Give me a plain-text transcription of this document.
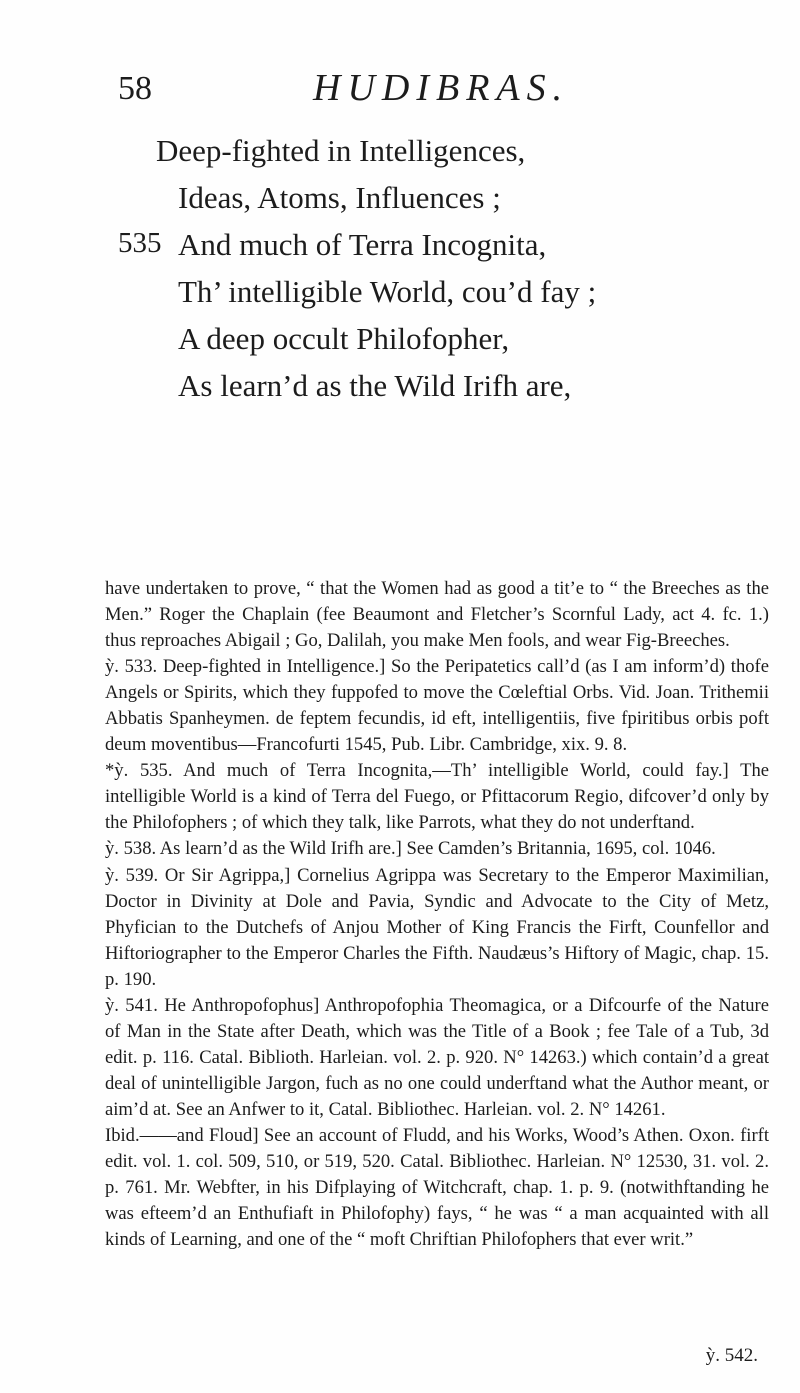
58	HUDIBRAS.
Deep-fighted in Intelligences,
Ideas, Atoms, Influences ;
535 And much of Terra Incognita,
Th’ intelligible World, cou’d fay ;
A deep occult Philofopher,
As learn’d as the Wild Irifh are,

have undertaken to prove, “ that the Women had as good a tit’e to “ the Breeches as the Men.” Roger the Chaplain (fee Beaumont and Fletcher’s Scornful Lady, act 4. fc. 1.) thus reproaches Abigail ; Go, Dalilah, you make Men fools, and wear Fig-Breeches.

ỳ. 533. Deep-fighted in Intelligence.] So the Peripatetics call’d (as I am inform’d) thofe Angels or Spirits, which they fuppofed to move the Cœleftial Orbs. Vid. Joan. Trithemii Abbatis Spanheymen. de feptem fecundis, id eft, intelligentiis, five fpiritibus orbis poft deum moventibus—Francofurti 1545, Pub. Libr. Cambridge, xix. 9. 8.

*ỳ. 535. And much of Terra Incognita,—Th’ intelligible World, could fay.] The intelligible World is a kind of Terra del Fuego, or Pfittacorum Regio, difcover’d only by the Philofophers ; of which they talk, like Parrots, what they do not underftand.

ỳ. 538. As learn’d as the Wild Irifh are.] See Camden’s Britannia, 1695, col. 1046.

ỳ. 539. Or Sir Agrippa,] Cornelius Agrippa was Secretary to the Emperor Maximilian, Doctor in Divinity at Dole and Pavia, Syndic and Advocate to the City of Metz, Phyfician to the Dutchefs of Anjou Mother of King Francis the Firft, Counfellor and Hiftoriographer to the Emperor Charles the Fifth. Naudæus’s Hiftory of Magic, chap. 15. p. 190.

ỳ. 541. He Anthropofophus] Anthropofophia Theomagica, or a Difcourfe of the Nature of Man in the State after Death, which was the Title of a Book ; fee Tale of a Tub, 3d edit. p. 116. Catal. Biblioth. Harleian. vol. 2. p. 920. N° 14263.) which contain’d a great deal of unintelligible Jargon, fuch as no one could underftand what the Author meant, or aim’d at. See an Anfwer to it, Catal. Bibliothec. Harleian. vol. 2. N° 14261.

Ibid.——and Floud] See an account of Fludd, and his Works, Wood’s Athen. Oxon. firft edit. vol. 1. col. 509, 510, or 519, 520. Catal. Bibliothec. Harleian. N° 12530, 31. vol. 2. p. 761. Mr. Webfter, in his Difplaying of Witchcraft, chap. 1. p. 9. (notwithftanding he was efteem’d an Enthufiaft in Philofophy) fays, “ he was “ a man acquainted with all kinds of Learning, and one of the “ moft Chriftian Philofophers that ever writ.”

ỳ. 542.
